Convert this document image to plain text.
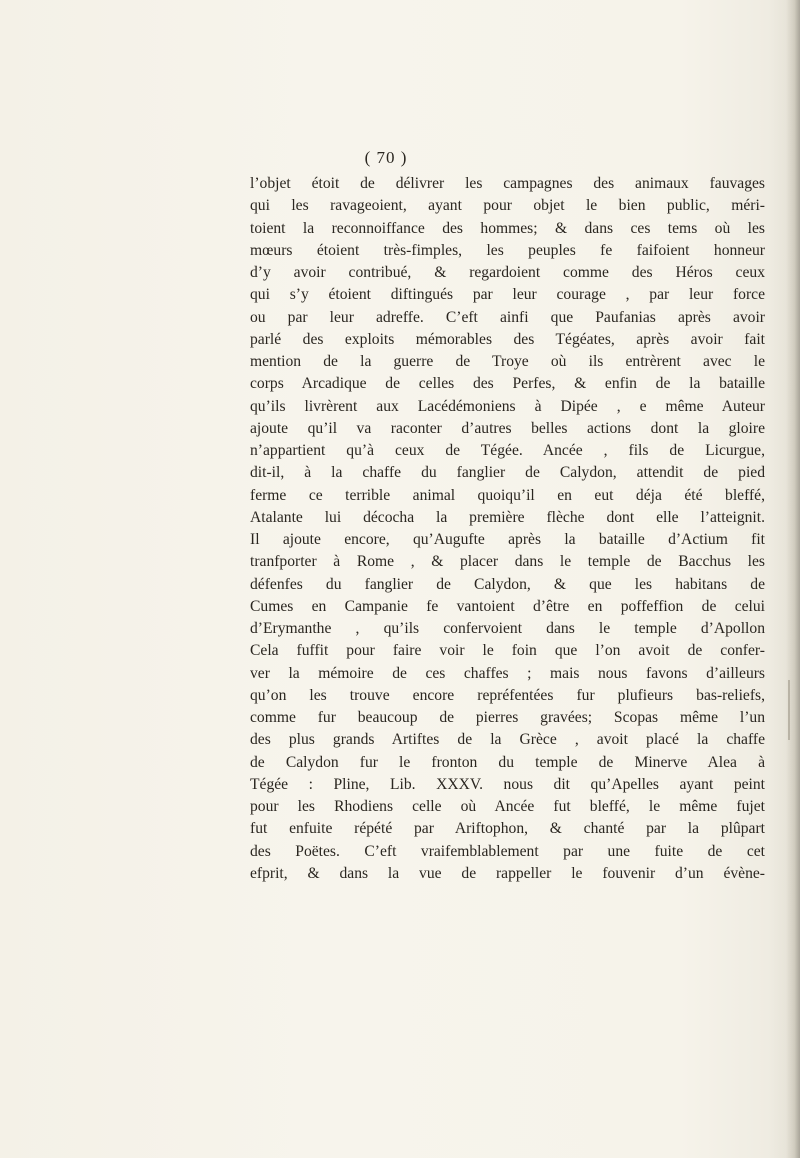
( 70 )
l’objet étoit de délivrer les campagnes des animaux fauvages
qui les ravageoient, ayant pour objet le bien public, méri-
toient la reconnoiffance des hommes; & dans ces tems où les
mœurs étoient très-fimples, les peuples fe faifoient honneur
d’y avoir contribué, & regardoient comme des Héros ceux
qui s’y étoient diftingués par leur courage , par leur force
ou par leur adreffe. C’eft ainfi que Paufanias après avoir
parlé des exploits mémorables des Tégéates, après avoir fait
mention de la guerre de Troye où ils entrèrent avec le
corps Arcadique de celles des Perfes, & enfin de la bataille
qu’ils livrèrent aux Lacédémoniens à Dipée , e même Auteur
ajoute qu’il va raconter d’autres belles actions dont la gloire
n’appartient qu’à ceux de Tégée. Ancée , fils de Licurgue,
dit-il, à la chaffe du fanglier de Calydon, attendit de pied
ferme ce terrible animal quoiqu’il en eut déja été bleffé,
Atalante lui décocha la première flèche dont elle l’atteignit.
Il ajoute encore, qu’Augufte après la bataille d’Actium fit
tranfporter à Rome , & placer dans le temple de Bacchus les
défenfes du fanglier de Calydon, & que les habitans de
Cumes en Campanie fe vantoient d’être en poffeffion de celui
d’Erymanthe , qu’ils confervoient dans le temple d’Apollon
Cela fuffit pour faire voir le foin que l’on avoit de confer-
ver la mémoire de ces chaffes ; mais nous favons d’ailleurs
qu’on les trouve encore repréfentées fur plufieurs bas-reliefs,
comme fur beaucoup de pierres gravées; Scopas même l’un
des plus grands Artiftes de la Grèce , avoit placé la chaffe
de Calydon fur le fronton du temple de Minerve Alea à
Tégée : Pline, Lib. XXXV. nous dit qu’Apelles ayant peint
pour les Rhodiens celle où Ancée fut bleffé, le même fujet
fut enfuite répété par Ariftophon, & chanté par la plûpart
des Poëtes. C’eft vraifemblablement par une fuite de cet
efprit, & dans la vue de rappeller le fouvenir d’un évène-
